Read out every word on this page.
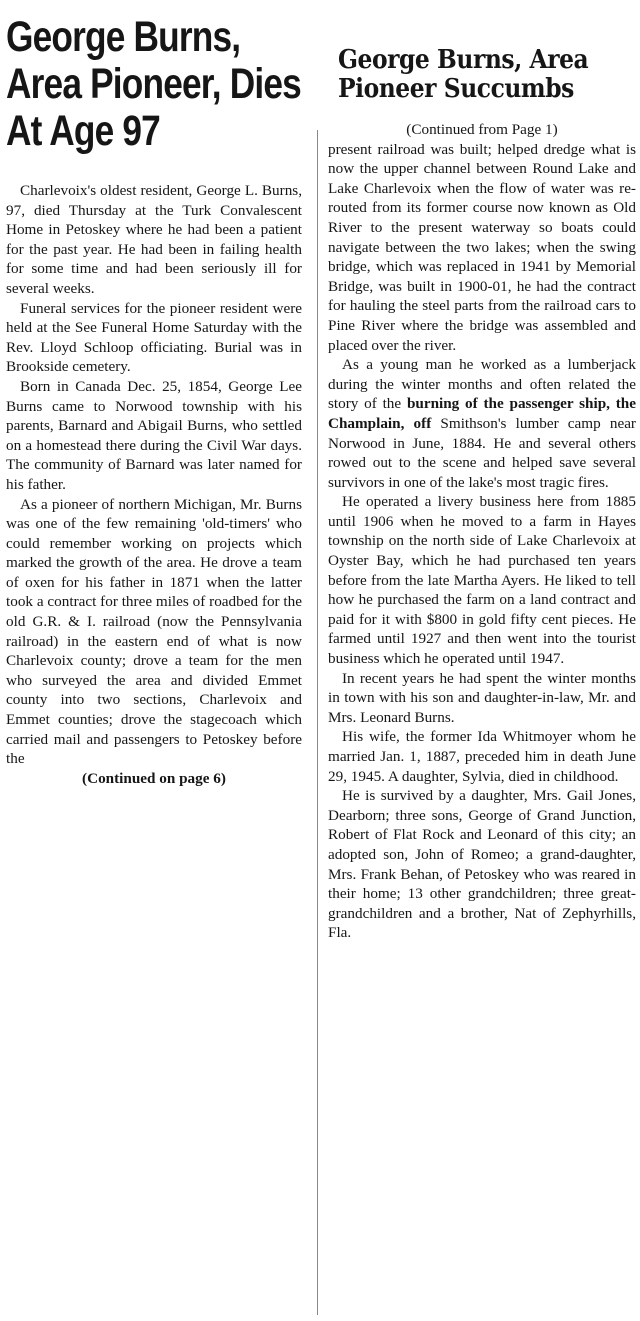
George Burns, Area Pioneer, Dies At Age 97

Charlevoix's oldest resident, George L. Burns, 97, died Thursday at the Turk Convalescent Home in Petoskey where he had been a patient for the past year. He had been in failing health for some time and had been seriously ill for several weeks.

Funeral services for the pioneer resident were held at the See Funeral Home Saturday with the Rev. Lloyd Schloop officiating. Burial was in Brookside cemetery.

Born in Canada Dec. 25, 1854, George Lee Burns came to Norwood township with his parents, Barnard and Abigail Burns, who settled on a homestead there during the Civil War days. The community of Barnard was later named for his father.

As a pioneer of northern Michigan, Mr. Burns was one of the few remaining 'old-timers' who could remember working on projects which marked the growth of the area. He drove a team of oxen for his father in 1871 when the latter took a contract for three miles of roadbed for the old G.R. & I. railroad (now the Pennsylvania railroad) in the eastern end of what is now Charlevoix county; drove a team for the men who surveyed the area and divided Emmet county into two sections, Charlevoix and Emmet counties; drove the stagecoach which carried mail and passengers to Petoskey before the

(Continued on page 6)

George Burns, Area Pioneer Succumbs

(Continued from Page 1)

present railroad was built; helped dredge what is now the upper channel between Round Lake and Lake Charlevoix when the flow of water was re-routed from its former course now known as Old River to the present waterway so boats could navigate between the two lakes; when the swing bridge, which was replaced in 1941 by Memorial Bridge, was built in 1900-01, he had the contract for hauling the steel parts from the railroad cars to Pine River where the bridge was assembled and placed over the river.

As a young man he worked as a lumberjack during the winter months and often related the story of the burning of the passenger ship, the Champlain, off Smithson's lumber camp near Norwood in June, 1884. He and several others rowed out to the scene and helped save several survivors in one of the lake's most tragic fires.

He operated a livery business here from 1885 until 1906 when he moved to a farm in Hayes township on the north side of Lake Charlevoix at Oyster Bay, which he had purchased ten years before from the late Martha Ayers. He liked to tell how he purchased the farm on a land contract and paid for it with $800 in gold fifty cent pieces. He farmed until 1927 and then went into the tourist business which he operated until 1947.

In recent years he had spent the winter months in town with his son and daughter-in-law, Mr. and Mrs. Leonard Burns.

His wife, the former Ida Whitmoyer whom he married Jan. 1, 1887, preceded him in death June 29, 1945. A daughter, Sylvia, died in childhood.

He is survived by a daughter, Mrs. Gail Jones, Dearborn; three sons, George of Grand Junction, Robert of Flat Rock and Leonard of this city; an adopted son, John of Romeo; a grand-daughter, Mrs. Frank Behan, of Petoskey who was reared in their home; 13 other grandchildren; three great-grandchildren and a brother, Nat of Zephyrhills, Fla.
